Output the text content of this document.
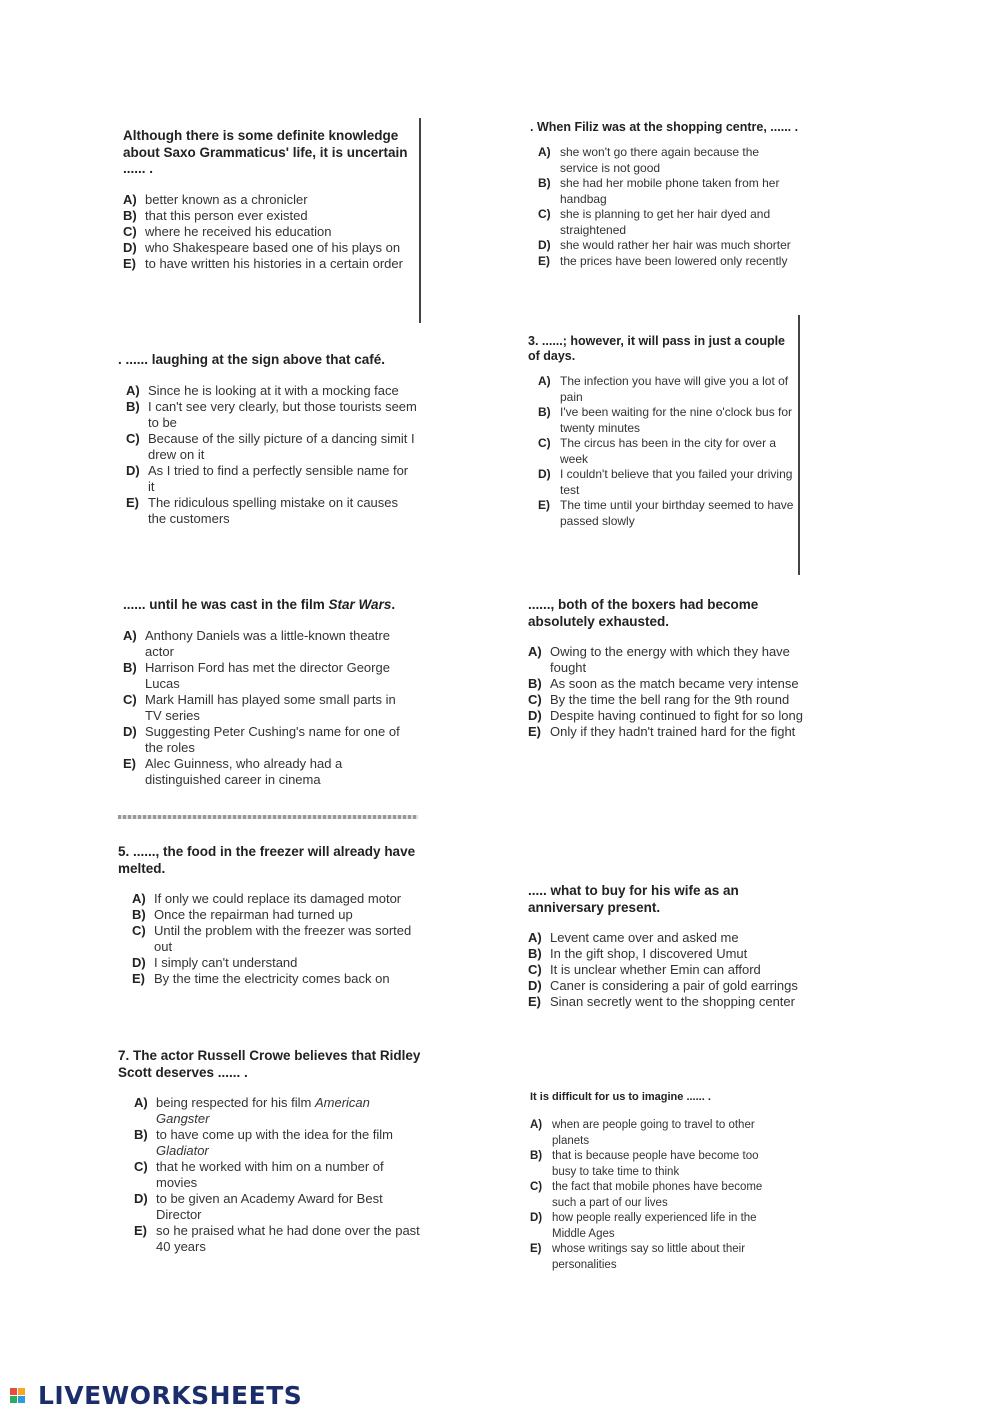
Although there is some definite knowledge about Saxo Grammaticus' life, it is uncertain ...... .

A) better known as a chronicler
B) that this person ever existed
C) where he received his education
D) who Shakespeare based one of his plays on
E) to have written his histories in a certain order

. ...... laughing at the sign above that café.

A) Since he is looking at it with a mocking face
B) I can't see very clearly, but those tourists seem to be
C) Because of the silly picture of a dancing simit I drew on it
D) As I tried to find a perfectly sensible name for it
E) The ridiculous spelling mistake on it causes the customers

...... until he was cast in the film Star Wars.

A) Anthony Daniels was a little-known theatre actor
B) Harrison Ford has met the director George Lucas
C) Mark Hamill has played some small parts in TV series
D) Suggesting Peter Cushing's name for one of the roles
E) Alec Guinness, who already had a distinguished career in cinema

5. ......, the food in the freezer will already have melted.

A) If only we could replace its damaged motor
B) Once the repairman had turned up
C) Until the problem with the freezer was sorted out
D) I simply can't understand
E) By the time the electricity comes back on

7. The actor Russell Crowe believes that Ridley Scott deserves ...... .

A) being respected for his film American Gangster
B) to have come up with the idea for the film Gladiator
C) that he worked with him on a number of movies
D) to be given an Academy Award for Best Director
E) so he praised what he had done over the past 40 years

. When Filiz was at the shopping centre, ...... .

A) she won't go there again because the service is not good
B) she had her mobile phone taken from her handbag
C) she is planning to get her hair dyed and straightened
D) she would rather her hair was much shorter
E) the prices have been lowered only recently

3. ......; however, it will pass in just a couple of days.

A) The infection you have will give you a lot of pain
B) I've been waiting for the nine o'clock bus for twenty minutes
C) The circus has been in the city for over a week
D) I couldn't believe that you failed your driving test
E) The time until your birthday seemed to have passed slowly

......, both of the boxers had become absolutely exhausted.

A) Owing to the energy with which they have fought
B) As soon as the match became very intense
C) By the time the bell rang for the 9th round
D) Despite having continued to fight for so long
E) Only if they hadn't trained hard for the fight

..... what to buy for his wife as an anniversary present.

A) Levent came over and asked me
B) In the gift shop, I discovered Umut
C) It is unclear whether Emin can afford
D) Caner is considering a pair of gold earrings
E) Sinan secretly went to the shopping center

It is difficult for us to imagine ...... .

A) when are people going to travel to other planets
B) that is because people have become too busy to take time to think
C) the fact that mobile phones have become such a part of our lives
D) how people really experienced life in the Middle Ages
E) whose writings say so little about their personalities
LIVEWORKSHEETS
